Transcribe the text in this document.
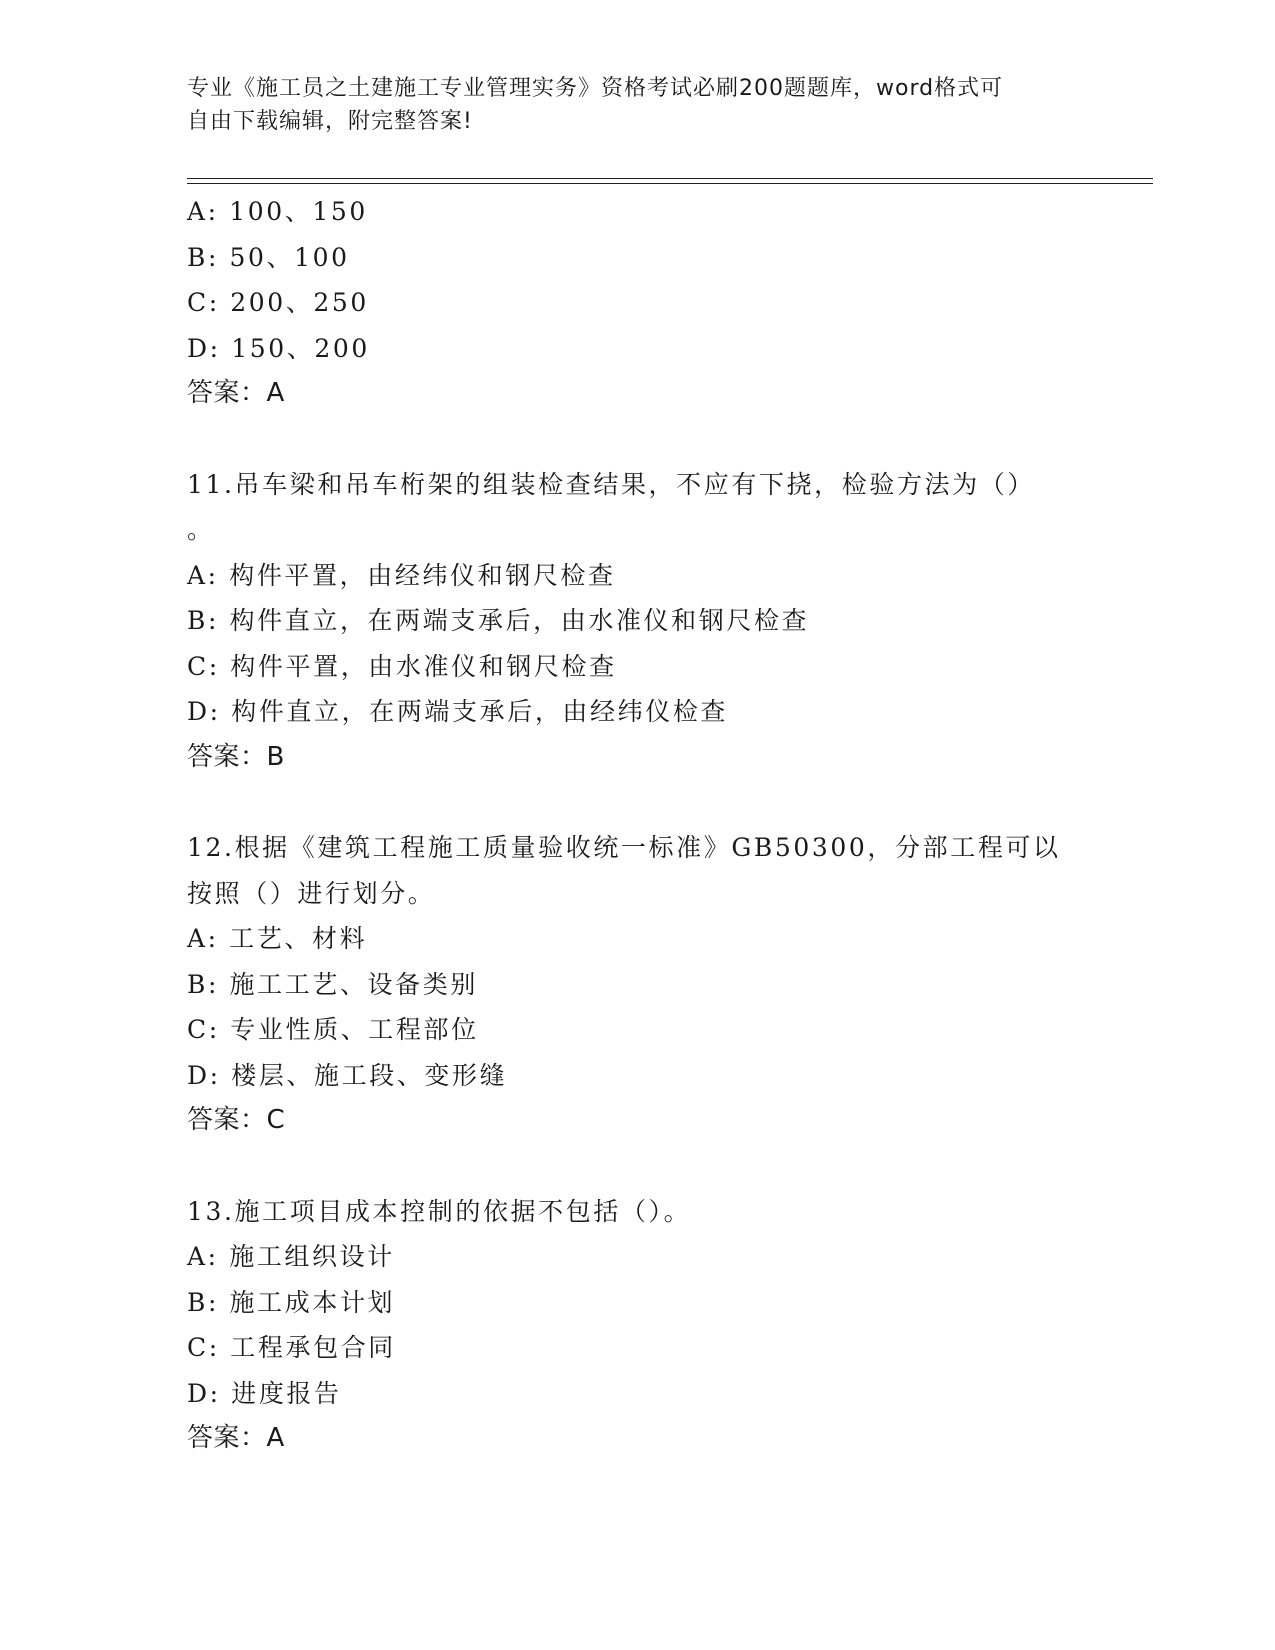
专业《施工员之土建施工专业管理实务》资格考试必刷200题题库，word格式可
自由下载编辑，附完整答案!
A: 100、150
B: 50、100
C: 200、250
D: 150、200
答案：A
11.吊车梁和吊车桁架的组装检查结果，不应有下挠，检验方法为（）
。
A: 构件平置，由经纬仪和钢尺检查
B: 构件直立，在两端支承后，由水准仪和钢尺检查
C: 构件平置，由水准仪和钢尺检查
D: 构件直立，在两端支承后，由经纬仪检查
答案：B
12.根据《建筑工程施工质量验收统一标准》GB50300，分部工程可以
按照（）进行划分。
A: 工艺、材料
B: 施工工艺、设备类别
C: 专业性质、工程部位
D: 楼层、施工段、变形缝
答案：C
13.施工项目成本控制的依据不包括（）。
A: 施工组织设计
B: 施工成本计划
C: 工程承包合同
D: 进度报告
答案：A
